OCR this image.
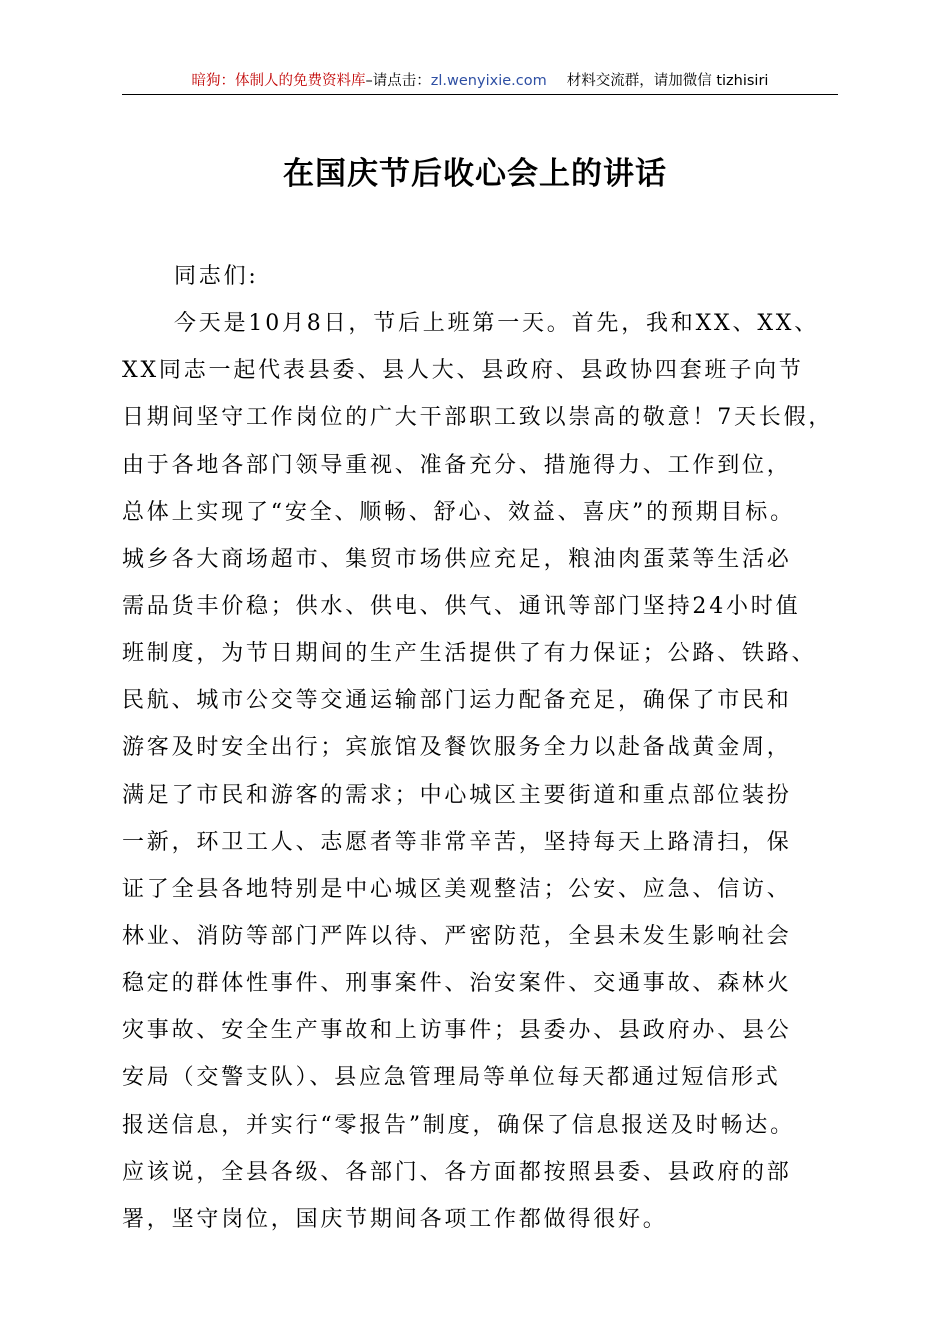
暗狗：体制人的免费资料库–请点击：zl.wenyixie.com 材料交流群，请加微信 tizhisiri
在国庆节后收心会上的讲话
同志们:
今天是10月8日，节后上班第一天。首先，我和XX、XX、
XX同志一起代表县委、县人大、县政府、县政协四套班子向节
日期间坚守工作岗位的广大干部职工致以崇高的敬意！7天长假，
由于各地各部门领导重视、准备充分、措施得力、工作到位，
总体上实现了“安全、顺畅、舒心、效益、喜庆”的预期目标。
城乡各大商场超市、集贸市场供应充足，粮油肉蛋菜等生活必
需品货丰价稳；供水、供电、供气、通讯等部门坚持24小时值
班制度，为节日期间的生产生活提供了有力保证；公路、铁路、
民航、城市公交等交通运输部门运力配备充足，确保了市民和
游客及时安全出行；宾旅馆及餐饮服务全力以赴备战黄金周，
满足了市民和游客的需求；中心城区主要街道和重点部位装扮
一新，环卫工人、志愿者等非常辛苦，坚持每天上路清扫，保
证了全县各地特别是中心城区美观整洁；公安、应急、信访、
林业、消防等部门严阵以待、严密防范，全县未发生影响社会
稳定的群体性事件、刑事案件、治安案件、交通事故、森林火
灾事故、安全生产事故和上访事件；县委办、县政府办、县公
安局（交警支队）、县应急管理局等单位每天都通过短信形式
报送信息，并实行“零报告”制度，确保了信息报送及时畅达。
应该说，全县各级、各部门、各方面都按照县委、县政府的部
署，坚守岗位，国庆节期间各项工作都做得很好。
